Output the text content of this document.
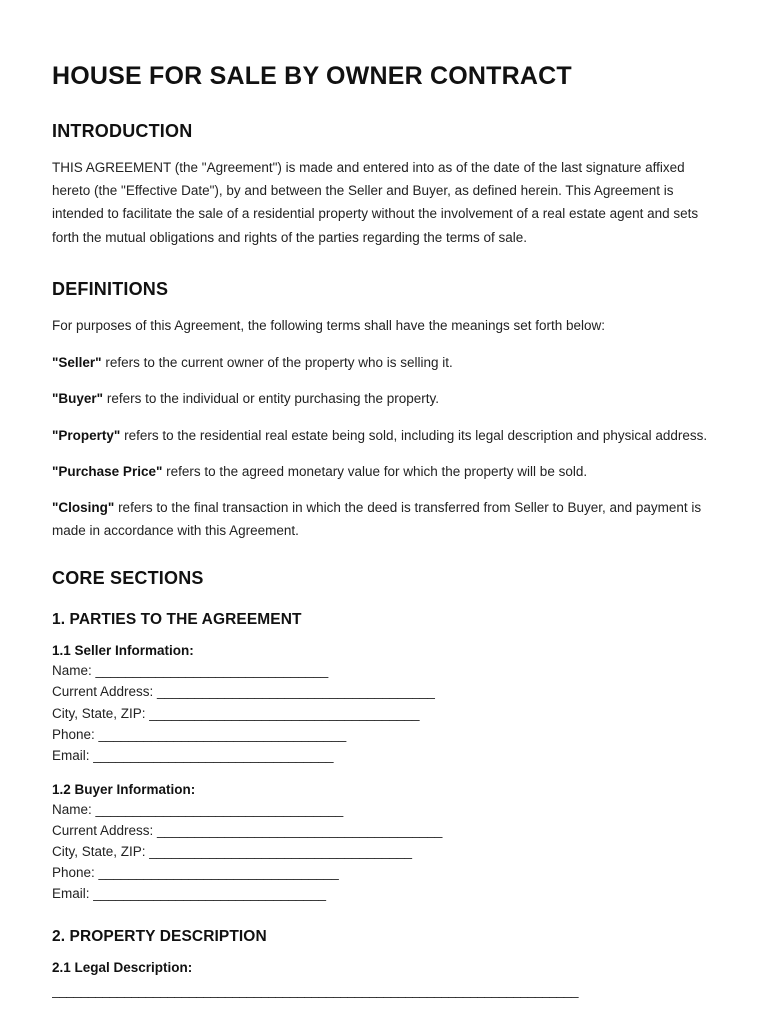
HOUSE FOR SALE BY OWNER CONTRACT
INTRODUCTION

THIS AGREEMENT (the "Agreement") is made and entered into as of the date of the last signature affixed hereto (the "Effective Date"), by and between the Seller and Buyer, as defined herein. This Agreement is intended to facilitate the sale of a residential property without the involvement of a real estate agent and sets forth the mutual obligations and rights of the parties regarding the terms of sale.

DEFINITIONS

For purposes of this Agreement, the following terms shall have the meanings set forth below:

"Seller" refers to the current owner of the property who is selling it.

"Buyer" refers to the individual or entity purchasing the property.

"Property" refers to the residential real estate being sold, including its legal description and physical address.

"Purchase Price" refers to the agreed monetary value for which the property will be sold.

"Closing" refers to the final transaction in which the deed is transferred from Seller to Buyer, and payment is made in accordance with this Agreement.

CORE SECTIONS
1. PARTIES TO THE AGREEMENT
1.1 Seller Information:
Name: _______________________________
Current Address: _____________________________________
City, State, ZIP: ____________________________________
Phone: _________________________________
Email: ________________________________
1.2 Buyer Information:
Name: _________________________________
Current Address: ______________________________________
City, State, ZIP: ___________________________________
Phone: ________________________________
Email: _______________________________
2. PROPERTY DESCRIPTION
2.1 Legal Description:
_________________________________________________________________________
